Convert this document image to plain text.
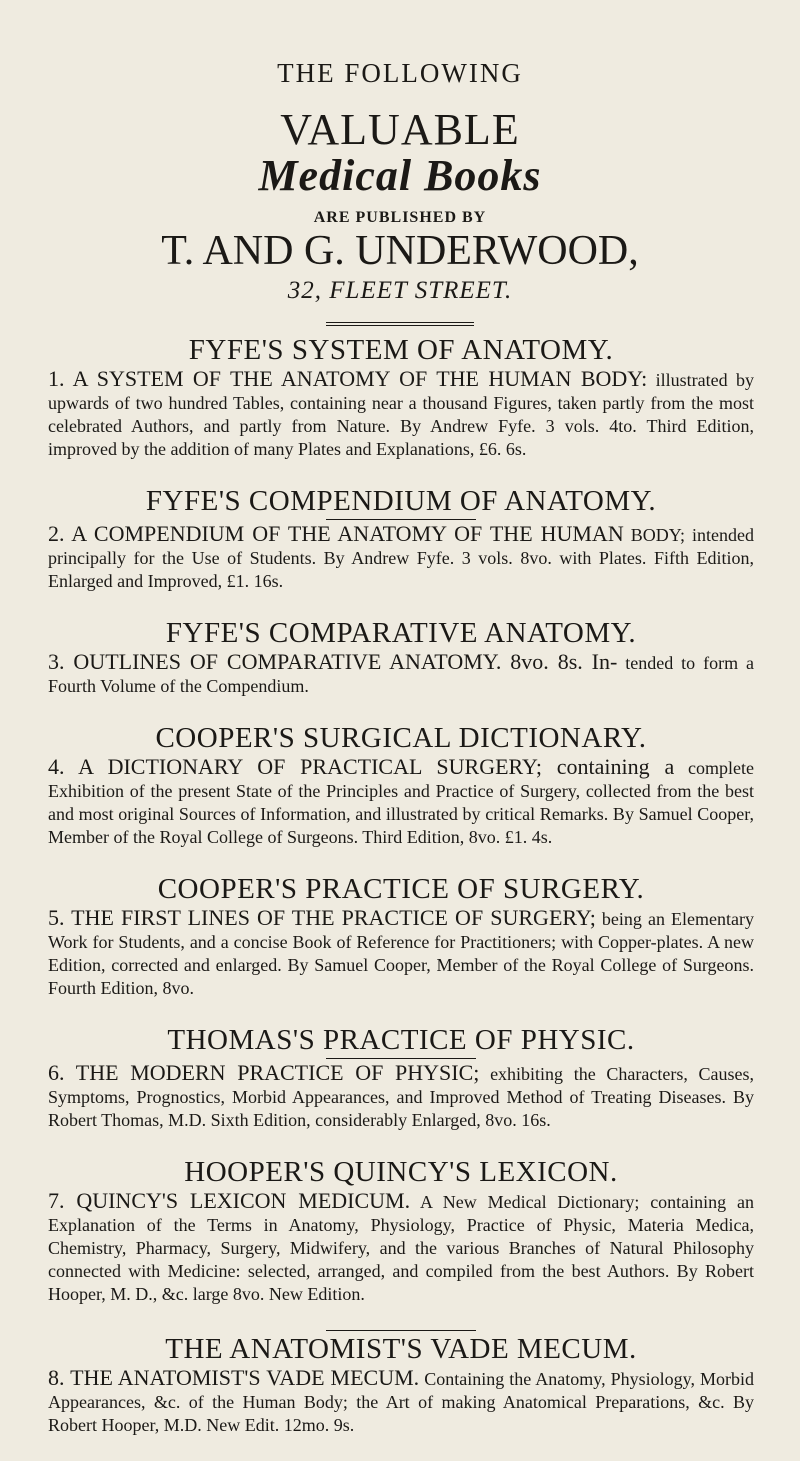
THE FOLLOWING
VALUABLE
Medical Books
ARE PUBLISHED BY
T. AND G. UNDERWOOD,
32, FLEET STREET.
FYFE'S SYSTEM OF ANATOMY.
1. A SYSTEM OF THE ANATOMY OF THE HUMAN BODY: illustrated by upwards of two hundred Tables, containing near a thousand Figures, taken partly from the most celebrated Authors, and partly from Nature. By Andrew Fyfe. 3 vols. 4to. Third Edition, improved by the addition of many Plates and Explanations, £6. 6s.
FYFE'S COMPENDIUM OF ANATOMY.
2. A COMPENDIUM OF THE ANATOMY OF THE HUMAN BODY; intended principally for the Use of Students. By Andrew Fyfe. 3 vols. 8vo. with Plates. Fifth Edition, Enlarged and Improved, £1. 16s.
FYFE'S COMPARATIVE ANATOMY.
3. OUTLINES OF COMPARATIVE ANATOMY. 8vo. 8s. In- tended to form a Fourth Volume of the Compendium.
COOPER'S SURGICAL DICTIONARY.
4. A DICTIONARY OF PRACTICAL SURGERY; containing a complete Exhibition of the present State of the Principles and Practice of Surgery, collected from the best and most original Sources of Information, and illustrated by critical Remarks. By Samuel Cooper, Member of the Royal College of Surgeons. Third Edition, 8vo. £1. 4s.
COOPER'S PRACTICE OF SURGERY.
5. THE FIRST LINES OF THE PRACTICE OF SURGERY; being an Elementary Work for Students, and a concise Book of Reference for Practitioners; with Copper-plates. A new Edition, corrected and enlarged. By Samuel Cooper, Member of the Royal College of Surgeons. Fourth Edition, 8vo.
THOMAS'S PRACTICE OF PHYSIC.
6. THE MODERN PRACTICE OF PHYSIC; exhibiting the Characters, Causes, Symptoms, Prognostics, Morbid Appearances, and Improved Method of Treating Diseases. By Robert Thomas, M.D. Sixth Edition, considerably Enlarged, 8vo. 16s.
HOOPER'S QUINCY'S LEXICON.
7. QUINCY'S LEXICON MEDICUM. A New Medical Dictionary; containing an Explanation of the Terms in Anatomy, Physiology, Practice of Physic, Materia Medica, Chemistry, Pharmacy, Surgery, Midwifery, and the various Branches of Natural Philosophy connected with Medicine: selected, arranged, and compiled from the best Authors. By Robert Hooper, M. D., &c. large 8vo. New Edition.
THE ANATOMIST'S VADE MECUM.
8. THE ANATOMIST'S VADE MECUM. Containing the Anatomy, Physiology, Morbid Appearances, &c. of the Human Body; the Art of making Anatomical Preparations, &c. By Robert Hooper, M.D. New Edit. 12mo. 9s.
